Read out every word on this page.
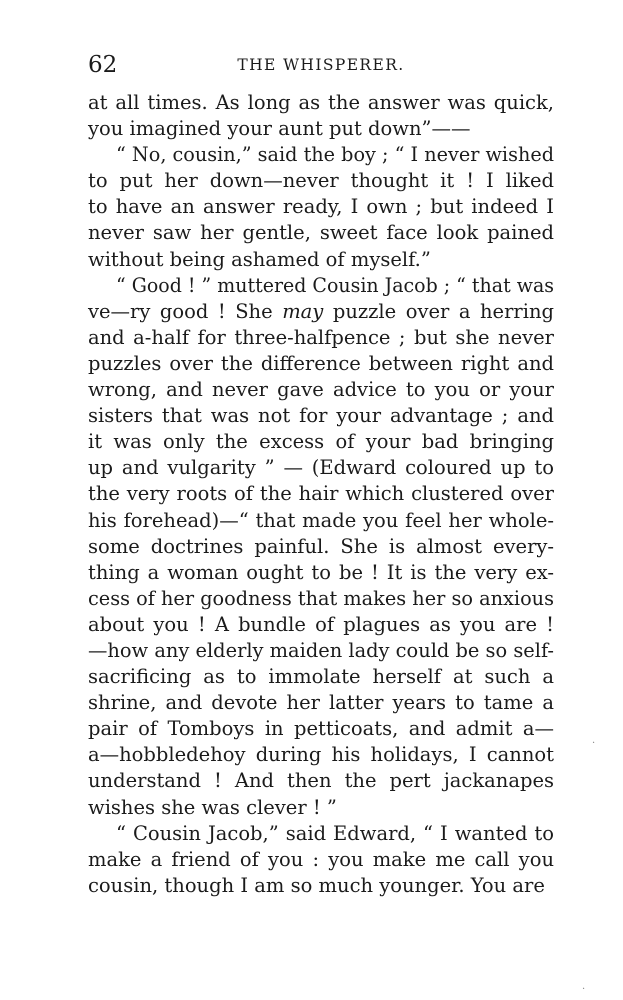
62	THE WHISPERER.
at all times. As long as the answer was quick,
you imagined your aunt put down”——
“ No, cousin,” said the boy ; “ I never wished
to put her down—never thought it ! I liked
to have an answer ready, I own ; but indeed I
never saw her gentle, sweet face look pained
without being ashamed of myself.”
“ Good ! ” muttered Cousin Jacob ; “ that was
ve—ry good ! She may puzzle over a herring
and a-half for three-halfpence ; but she never
puzzles over the difference between right and
wrong, and never gave advice to you or your
sisters that was not for your advantage ; and
it was only the excess of your bad bringing
up and vulgarity ” — (Edward coloured up to
the very roots of the hair which clustered over
his forehead)—“ that made you feel her whole-
some doctrines painful. She is almost every-
thing a woman ought to be ! It is the very ex-
cess of her goodness that makes her so anxious
about you ! A bundle of plagues as you are !
—how any elderly maiden lady could be so self-
sacrificing as to immolate herself at such a
shrine, and devote her latter years to tame a
pair of Tomboys in petticoats, and admit a—
a—hobbledehoy during his holidays, I cannot
understand ! And then the pert jackanapes
wishes she was clever ! ”
“ Cousin Jacob,” said Edward, “ I wanted to
make a friend of you : you make me call you
cousin, though I am so much younger. You are
·
·
